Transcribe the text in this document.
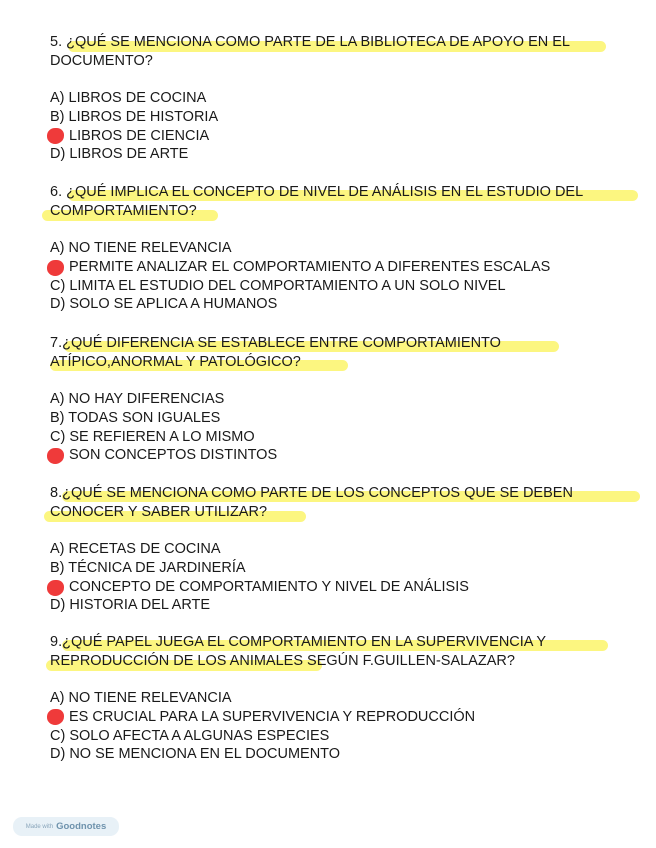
5. ¿QUÉ SE MENCIONA COMO PARTE DE LA BIBLIOTECA DE APOYO EN EL

DOCUMENTO?

A) LIBROS DE COCINA
B) LIBROS DE HISTORIA
LIBROS DE CIENCIA
D) LIBROS DE ARTE

6. ¿QUÉ IMPLICA EL CONCEPTO DE NIVEL DE ANÁLISIS EN EL ESTUDIO DEL

COMPORTAMIENTO?

A) NO TIENE RELEVANCIA
PERMITE ANALIZAR EL COMPORTAMIENTO A DIFERENTES ESCALAS
C) LIMITA EL ESTUDIO DEL COMPORTAMIENTO A UN SOLO NIVEL
D) SOLO SE APLICA A HUMANOS

7.¿QUÉ DIFERENCIA SE ESTABLECE ENTRE COMPORTAMIENTO

ATÍPICO,ANORMAL Y PATOLÓGICO?

A) NO HAY DIFERENCIAS
B) TODAS SON IGUALES
C) SE REFIEREN A LO MISMO
SON CONCEPTOS DISTINTOS

8.¿QUÉ SE MENCIONA COMO PARTE DE LOS CONCEPTOS QUE SE DEBEN

CONOCER Y SABER UTILIZAR?

A) RECETAS DE COCINA
B) TÉCNICA DE JARDINERÍA
CONCEPTO DE COMPORTAMIENTO Y NIVEL DE ANÁLISIS
D) HISTORIA DEL ARTE

9.¿QUÉ PAPEL JUEGA EL COMPORTAMIENTO EN LA SUPERVIVENCIA Y

REPRODUCCIÓN DE LOS ANIMALES SEGÚN F.GUILLEN-SALAZAR?

A) NO TIENE RELEVANCIA
ES CRUCIAL PARA LA SUPERVIVENCIA Y REPRODUCCIÓN
C) SOLO AFECTA A ALGUNAS ESPECIES
D) NO SE MENCIONA EN EL DOCUMENTO
Made with Goodnotes
